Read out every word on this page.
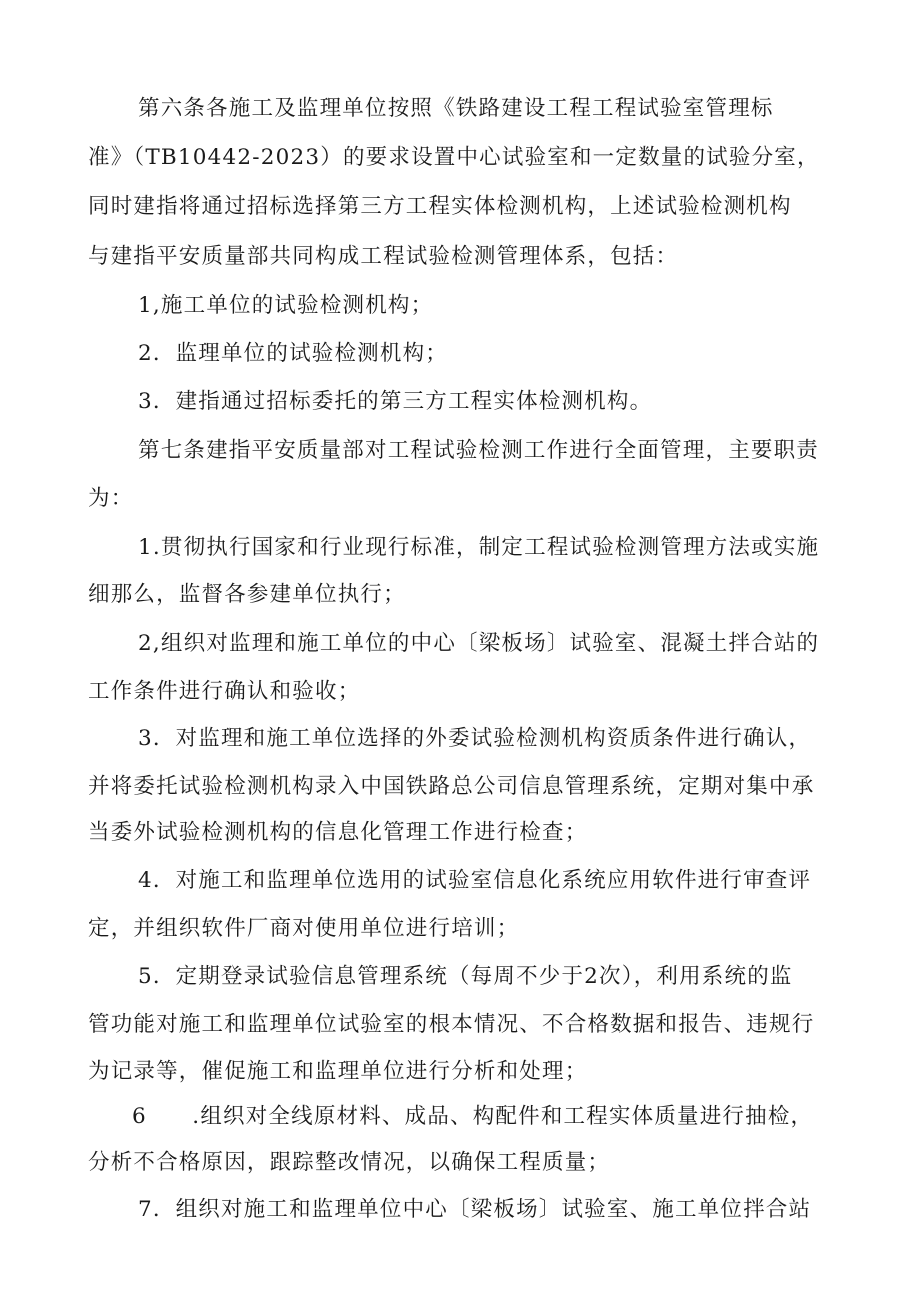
第六条各施工及监理单位按照《铁路建设工程工程试验室管理标
准》（TB10442-2023）的要求设置中心试验室和一定数量的试验分室，
同时建指将通过招标选择第三方工程实体检测机构，上述试验检测机构
与建指平安质量部共同构成工程试验检测管理体系，包括：
1,施工单位的试验检测机构；
2．监理单位的试验检测机构；
3．建指通过招标委托的第三方工程实体检测机构。
第七条建指平安质量部对工程试验检测工作进行全面管理，主要职责
为：
1.贯彻执行国家和行业现行标准，制定工程试验检测管理方法或实施
细那么，监督各参建单位执行；
2,组织对监理和施工单位的中心〔梁板场〕试验室、混凝土拌合站的
工作条件进行确认和验收；
3．对监理和施工单位选择的外委试验检测机构资质条件进行确认，
并将委托试验检测机构录入中国铁路总公司信息管理系统，定期对集中承
当委外试验检测机构的信息化管理工作进行检查；
4．对施工和监理单位选用的试验室信息化系统应用软件进行审查评
定，并组织软件厂商对使用单位进行培训；
5．定期登录试验信息管理系统（每周不少于2次），利用系统的监
管功能对施工和监理单位试验室的根本情况、不合格数据和报告、违规行
为记录等，催促施工和监理单位进行分析和处理；
6　　.组织对全线原材料、成品、构配件和工程实体质量进行抽检，
分析不合格原因，跟踪整改情况，以确保工程质量；
7．组织对施工和监理单位中心〔梁板场〕试验室、施工单位拌合站
